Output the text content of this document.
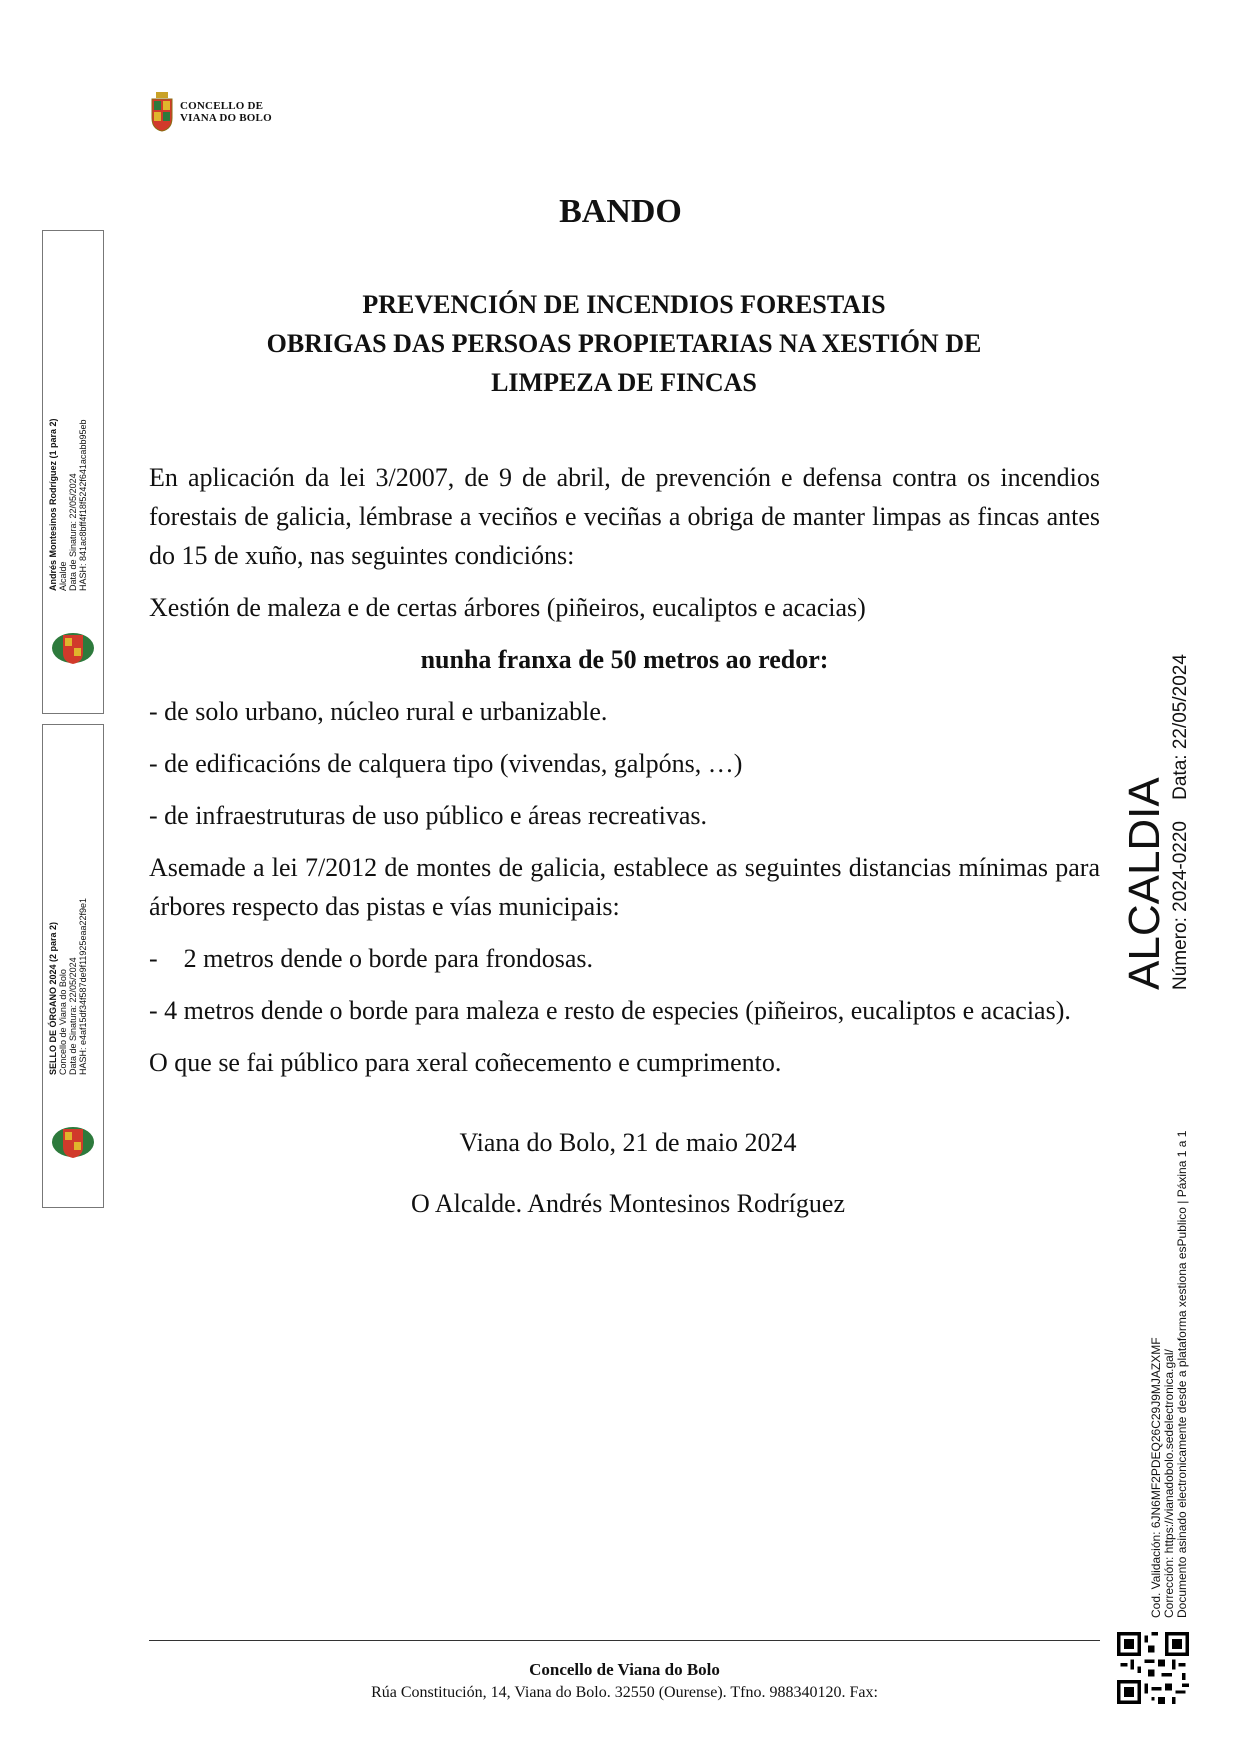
CONCELLO DE
VIANA DO BOLO
BANDO
PREVENCIÓN DE INCENDIOS FORESTAIS
OBRIGAS DAS PERSOAS PROPIETARIAS NA XESTIÓN DE
LIMPEZA DE FINCAS

En aplicación da lei 3/2007, de 9 de abril, de prevención e defensa contra os incendios forestais de galicia, lémbrase a veciños e veciñas a obriga de manter limpas as fincas antes do 15 de xuño, nas seguintes condicións:

Xestión de maleza e de certas árbores (piñeiros, eucaliptos e acacias)

nunha franxa de 50 metros ao redor:

- de solo urbano, núcleo rural e urbanizable.

- de edificacións de calquera tipo (vivendas, galpóns, …)

- de infraestruturas de uso público e áreas recreativas.

Asemade a lei 7/2012 de montes de galicia, establece as seguintes distancias mínimas para árbores respecto das pistas e vías municipais:

-    2 metros dende o borde para frondosas.

- 4 metros dende o borde para maleza e resto de especies (piñeiros, eucaliptos e acacias).

O que se fai público para xeral coñecemento e cumprimento.

Viana do Bolo, 21 de maio 2024
O Alcalde. Andrés Montesinos Rodríguez
Concello de Viana do Bolo
Rúa Constitución, 14, Viana do Bolo. 32550 (Ourense). Tfno. 988340120. Fax:
Andrés Montesinos Rodríguez (1 para 2) Alcalde Data de Sinatura: 22/05/2024 HASH: 841ac8bff4f18f5242f641acabb95eb
SELLO DE ÓRGANO 2024 (2 para 2) Concello de Viana do Bolo Data de Sinatura: 22/05/2024 HASH: e4af15df34f587de9f11925eaa22f9e1	ALCALDIA Número: 2024-0220    Data: 22/05/2024
Cod. Validación: 6JN6MF2PDEQ26C29J9MJAZXMF Corrección: https://vianadobolo.sedelectronica.gal/ Documento asinado electronicamente desde a plataforma xestiona esPublico | Páxina 1 a 1
